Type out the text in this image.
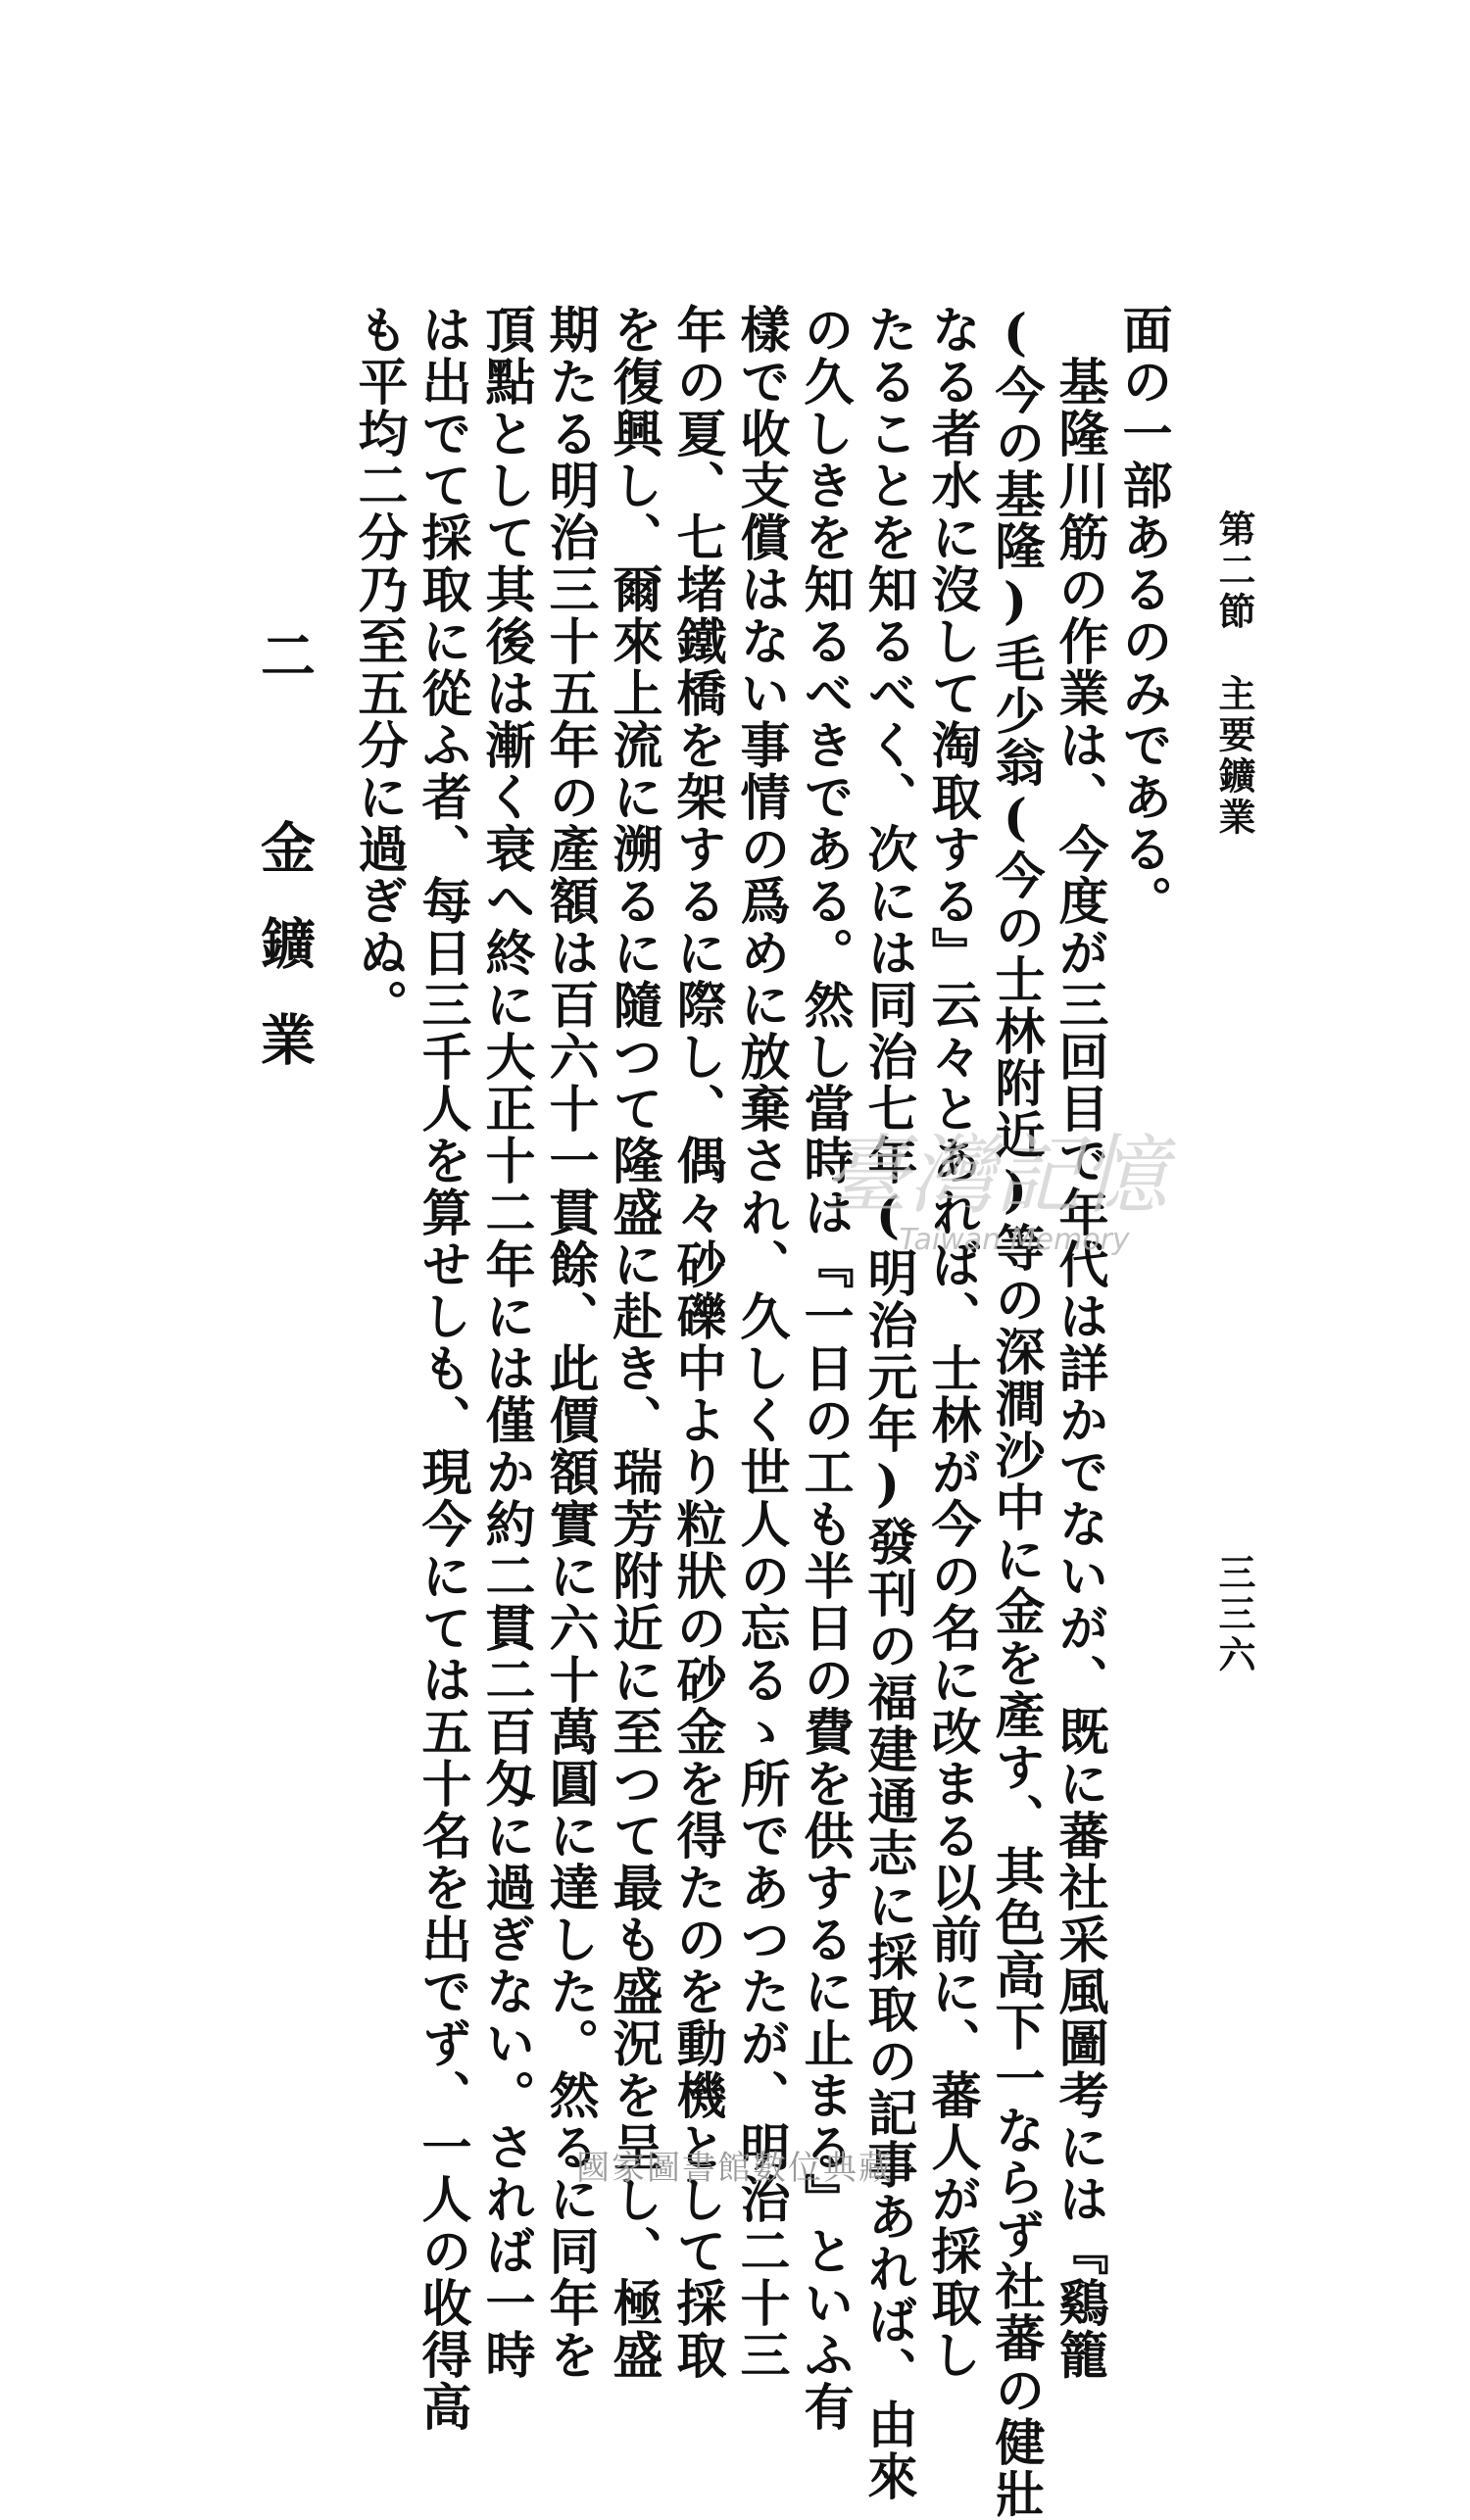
第二節　主要鑛業
三三六
面の一部あるのみである。
　基隆川筋の作業は、今度が三回目で年代は詳かでないが、既に蕃社采風圖考には『鷄籠
(今の基隆)毛少翁(今の士林附近)等の深澗沙中に金を產す、其色高下一ならず社蕃の健壯
なる者水に沒して淘取する』云々とあれば、士林が今の名に改まる以前に、蕃人が採取し
たることを知るべく、次には同治七年(明治元年)發刊の福建通志に採取の記事あれば、由來
の久しきを知るべきである。然し當時は『一日の工も半日の費を供するに止まる』といふ有
樣で收支償はない事情の爲めに放棄され、久しく世人の忘るゝ所であつたが、明治二十三
年の夏、七堵鐵橋を架するに際し、偶々砂礫中より粒狀の砂金を得たのを動機として採取
を復興し、爾來上流に溯るに隨つて隆盛に赴き、瑞芳附近に至つて最も盛況を呈し、極盛
期たる明治三十五年の產額は百六十一貫餘、此價額實に六十萬圓に達した。然るに同年を
頂點として其後は漸く衰へ終に大正十二年には僅か約二貫二百匁に過ぎない。されば一時
は出でて採取に從ふ者、每日三千人を算せしも、現今にては五十名を出でず、一人の收得高
も平均二分乃至五分に過ぎぬ。
二　金鑛業
臺灣記憶
Taiwan Memory
國家圖書館數位典藏
